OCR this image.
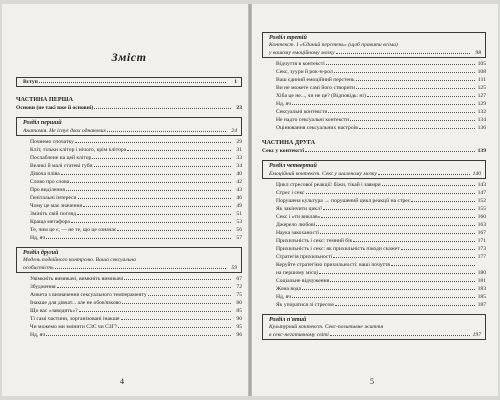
Зміст
Вступ	1
ЧАСТИНА ПЕРША
Основи (не такі вже й основні)	23
Розділ перший
Анатомія. Не існує двох однакових	24
Почнемо спочатку	29
Кліт, тільки клітор і нічого, крім клітора	31
Послаблене на цей клітор	33
Великі й малі статеві губи	34
Дівоча пліва	40
Слово про слова	42
Про виділення	43
Генітальні інтереси	46
Чому це має значення	49
Змініть свій погляд	51
Краща метафора	53
Те, чим це є, — не те, що це означає	56
Нд, яч	57
Розділ другий
Модель подвійного контролю. Ваша сексуальна
особистість	59
Увімкніть вимикачі, вимкніть вимикачі	67
Збудження	72
Анкета з визначення сексуального темпераменту	75
Інакше для дівчат... але не обов'язково	80
Що вас «заводить»?	85
Ті самі частини, зорганізовані інакше	90
Чи можемо ми змінити СЗС чи СЗГ?	95
Нд, яч	96
4
Розділ третій
Контекст. І «Єдиний перстень» (щоб правити всіма)
у вашому емоційному мозку	98
Відчуття в контексті	105
Секс, зуури й рок-н-рол	108
Ваш єдиний емоційний перстень	111
Ви не можете самі його створити	125
Хіба це не..., чи не це? (Відповідь: ні)	127
Нд, яч	129
Сексуальні контексти	132
Не надто сексуальні контексти	134
Оцінювання сексуальних настроїв	136
ЧАСТИНА ДРУГА
Секс у контексті	139
Розділ четвертий
Емоційний контекст. Секс у шаленому мозку	140
Цикл стресової реакції: біжи, тікай і завмри	143
Стрес і секс	147
Порушена культура → порушений цикл реакції на стрес	152
Як закінчити цикл?	155
Секс і «ти виклав»	160
Джерело любові	163
Наука закоханості	167
Прихильність і секс: темний бік	171
Прихильність і секс: як прихильність пікоди скажет	173
Стратегія прихильності	177
Керуйте стратегією прихильності: ваші почуття
на першому місці	180
Соціальне відчуження	181
Жона вода	183
Нд, яч	185
Як упоратися зі стресом	187
Розділ п'ятий
Культурний контекст. Секс-позитивне життя
в секс-негативному світі	197
5
